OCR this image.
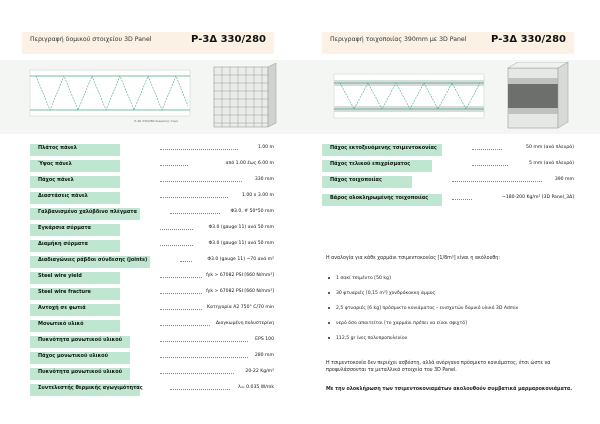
Περιγραφή δομικού στοιχείου 3D Panel	Ρ-3Δ 330/280
Ρ-3Δ 330/280 διαμήκης τομή
Πλάτος πάνελ	1.00 m
Ύψος πάνελ	από 1.00 έως 6.00 m
Πάχος πάνελ	330 mm
Διαστάσεις πάνελ	1.00 x 3.00 m
Γαλβανισμένο χαλύβδινο πλέγματα	Φ3.0, # 50*50 mm
Εγκάρσια σύρματα	Φ3.0 (gauge 11) ανά 50 mm
Διαμήκη σύρματα	Φ3.0 (gauge 11) ανά 50 mm
Διαδιαγώνιες ράβδοι σύνδεσης (joints)	Φ3.0 (gauge 11) ~70 ανά m²
Steel wire yield	fyk > 67082 PSI [660 N/mm²]
Steel wire fracture	fyk > 67082 PSI [660 N/mm²]
Αντοχή σε φωτιά	Κατηγορία A2 750° C/70 min
Μονωτικό υλικό	Διογκωμένη πολυστερίνη
Πυκνότητα μονωτικού υλικού	EPS 100
Πάχος μονωτικού υλικού	280 mm
Πυκνότητα μονωτικού υλικού	20-22 Kg/m³
Συντελεστής θερμικής αγωγιμότητας	λ= 0.035 W/mk
Περιγραφή τοιχοποιίας 390mm με 3D Panel Ρ-3Δ 330/280
Πάχος εκτοξευόμενης τσιμεντοκονίας	50 mm (ανά πλευρά)
Πάχος τελικού επιχρίσματος	5 mm (ανά πλευρά)
Πάχος τοιχοποιίας	390 mm
Βάρος ολοκληρωμένης τοιχοποιίας	~180-200 Kg/m² [3D Panel_3Δ]
Η αναλογία για κάθε χαρμάνι τσιμεντοκονίας [1/8m³] είναι η ακόλουθη:
1 σακί τσιμέντο [50 kg]
30 φτυαριές [0,15 m³] χονδρόκοκκη άμμος
2,5 φτυαριές [6 kg] πρόσμικτο κονιάματος - ενισχυτών δομικό υλικό 3D Admix
νερό όσο απαιτείται [το χαρμάνι πρέπει να είναι σφιχτό]
112,5 gr ίνες πολυπροπυλενίου
Η τσιμεντοκονία δεν περιέχει ασβέστη, αλλά ανόργανο πρόσμικτο κονιάματος, έτσι ώστε να προφυλάσσονται τα μεταλλικά στοιχεία του 3D Panel.
Με την ολοκλήρωση των τσιμεντοκονιαμάτων ακολουθούν συμβατικά μαρμαροκονιάματα.
